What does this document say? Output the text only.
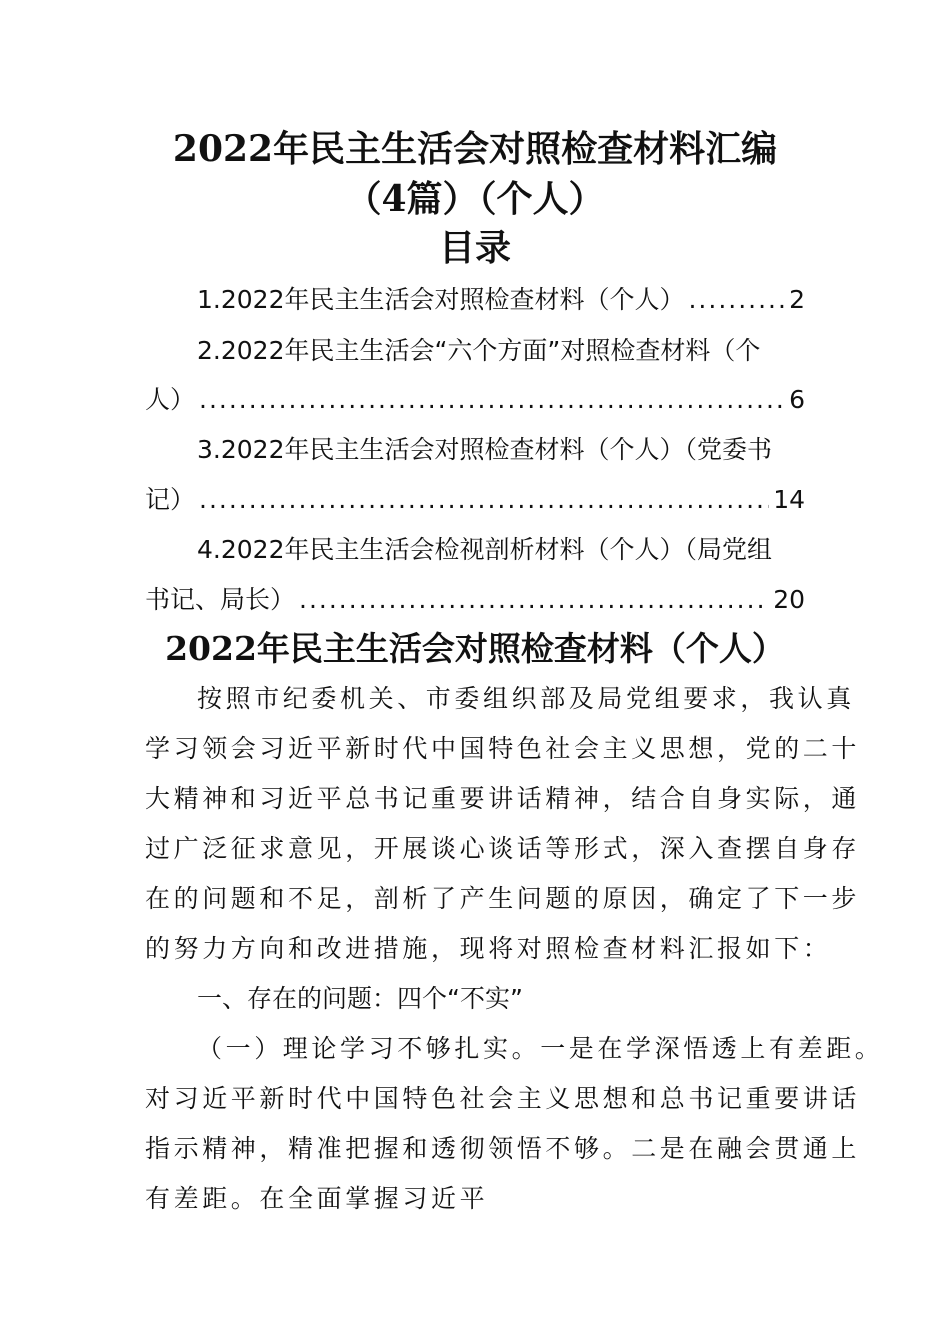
2022年民主生活会对照检查材料汇编
（4篇）（个人）
目录
1.2022年民主生活会对照检查材料（个人） .....	2
2.2022年民主生活会“六个方面”对照检查材料（个
人） .....	6
3.2022年民主生活会对照检查材料（个人）（党委书
记） .....	14
4.2022年民主生活会检视剖析材料（个人）（局党组
书记、局长） .....	20
2022年民主生活会对照检查材料（个人）
按照市纪委机关、市委组织部及局党组要求，我认真
学习领会习近平新时代中国特色社会主义思想，党的二十
大精神和习近平总书记重要讲话精神，结合自身实际，通
过广泛征求意见，开展谈心谈话等形式，深入查摆自身存
在的问题和不足，剖析了产生问题的原因，确定了下一步
的努力方向和改进措施，现将对照检查材料汇报如下：
一、存在的问题：四个“不实”
（一）理论学习不够扎实。一是在学深悟透上有差距。
对习近平新时代中国特色社会主义思想和总书记重要讲话
指示精神，精准把握和透彻领悟不够。二是在融会贯通上
有差距。在全面掌握习近平
